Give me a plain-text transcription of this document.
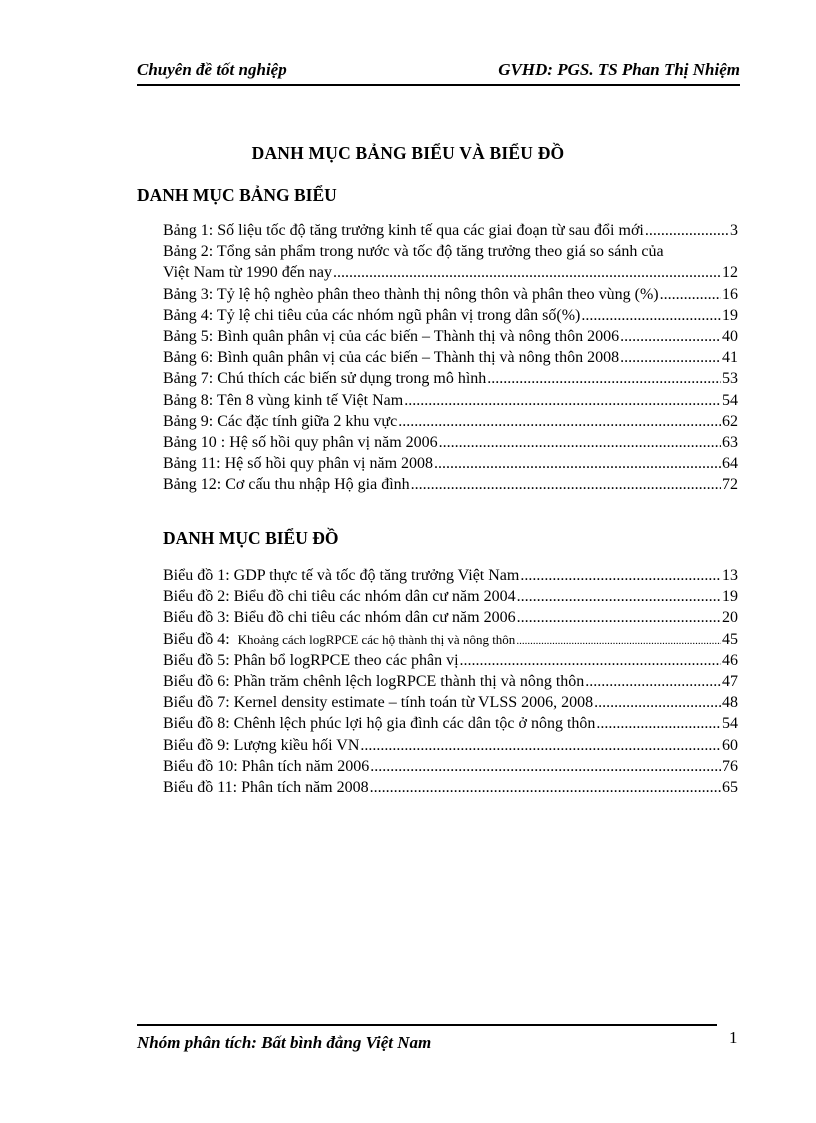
Chuyên đề tốt nghiệp	GVHD: PGS. TS Phan Thị Nhiệm
DANH MỤC BẢNG BIỂU VÀ BIỂU ĐỒ
DANH MỤC BẢNG BIỂU
Bảng 1: Số liệu tốc độ tăng trưởng kinh tế qua các giai đoạn từ sau đổi mới .....	3
Bảng 2: Tổng sản phẩm trong nước và tốc độ tăng trưởng theo giá so sánh của
Việt Nam từ 1990 đến nay .....	12
Bảng 3: Tỷ lệ hộ nghèo phân theo thành thị nông thôn và phân theo vùng (%) .....	16
Bảng 4: Tỷ lệ chi tiêu của các nhóm ngũ phân vị trong dân số(%) .....	19
Bảng 5: Bình quân phân vị của các biến – Thành thị và nông thôn 2006 .....	40
Bảng 6: Bình quân phân vị của các biến – Thành thị và nông thôn 2008 .....	41
Bảng 7: Chú thích các biến sử dụng trong mô hình .....	53
Bảng 8: Tên 8 vùng kinh tế Việt Nam .....	54
Bảng 9: Các đặc tính giữa 2 khu vực .....	62
Bảng 10 : Hệ số hồi quy phân vị năm 2006 .....	63
Bảng 11: Hệ số hồi quy phân vị năm 2008 .....	64
Bảng 12: Cơ cấu thu nhập Hộ gia đình .....	72
DANH MỤC BIỂU ĐỒ
Biểu đồ 1: GDP thực tế và tốc độ tăng trưởng Việt Nam .....	13
Biểu đồ 2: Biểu đồ chi tiêu các nhóm dân cư năm 2004 .....	19
Biểu đồ 3: Biểu đồ chi tiêu các nhóm dân cư năm 2006 .....	20
Biểu đồ 4: Khoảng cách logRPCE các hộ thành thị và nông thôn .....	45
Biểu đồ 5: Phân bổ logRPCE theo các phân vị .....	46
Biểu đồ 6: Phần trăm chênh lệch logRPCE thành thị và nông thôn .....	47
Biểu đồ 7: Kernel density estimate – tính toán từ VLSS 2006, 2008 .....	48
Biểu đồ 8: Chênh lệch phúc lợi hộ gia đình các dân tộc ở nông thôn .....	54
Biểu đồ 9: Lượng kiều hối VN .....	60
Biểu đồ 10: Phân tích năm 2006 .....	76
Biểu đồ 11: Phân tích năm 2008 .....	65
Nhóm phân tích: Bất bình đẳng Việt Nam	1
